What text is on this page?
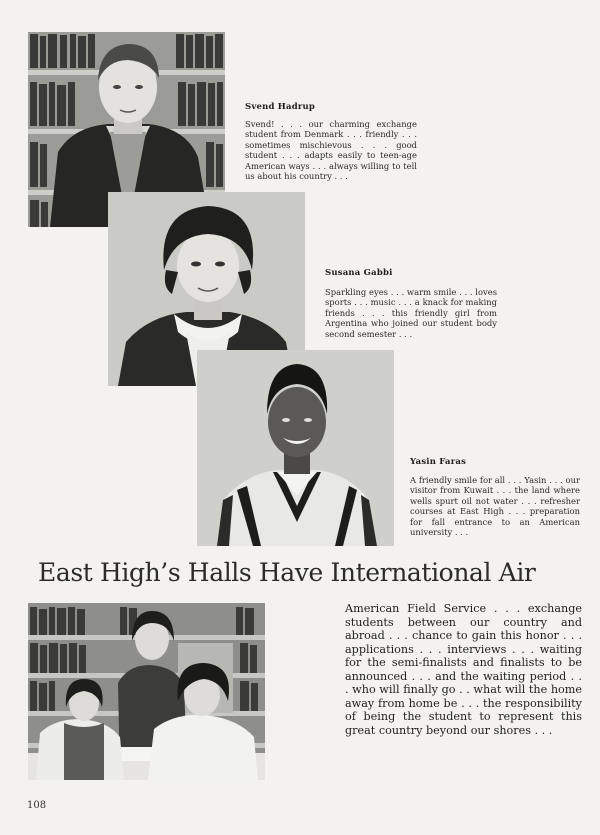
Svend Hadrup
Svend! . . . our charming exchange student from Denmark . . . friendly . . . sometimes mischievous . . . good student . . . adapts easily to teen-age American ways . . . always willing to tell us about his country . . .
Susana Gabbi
Sparkling eyes . . . warm smile . . . loves sports . . . music . . . a knack for making friends . . . this friendly girl from Argentina who joined our student body second semester . . .
Yasin Faras
A friendly smile for all . . . Yasin . . . our visitor from Kuwait . . . the land where wells spurt oil not water . . . refresher courses at East High . . . preparation for fall entrance to an American university . . .
East High’s Halls Have International Air
American Field Service . . . exchange students between our country and abroad . . . chance to gain this honor . . . applications . . . interviews . . . waiting for the semi-finalists and finalists to be announced . . . and the waiting period . . . who will finally go . . what will the home away from home be . . . the responsibility of being the student to represent this great country beyond our shores . . .
108
